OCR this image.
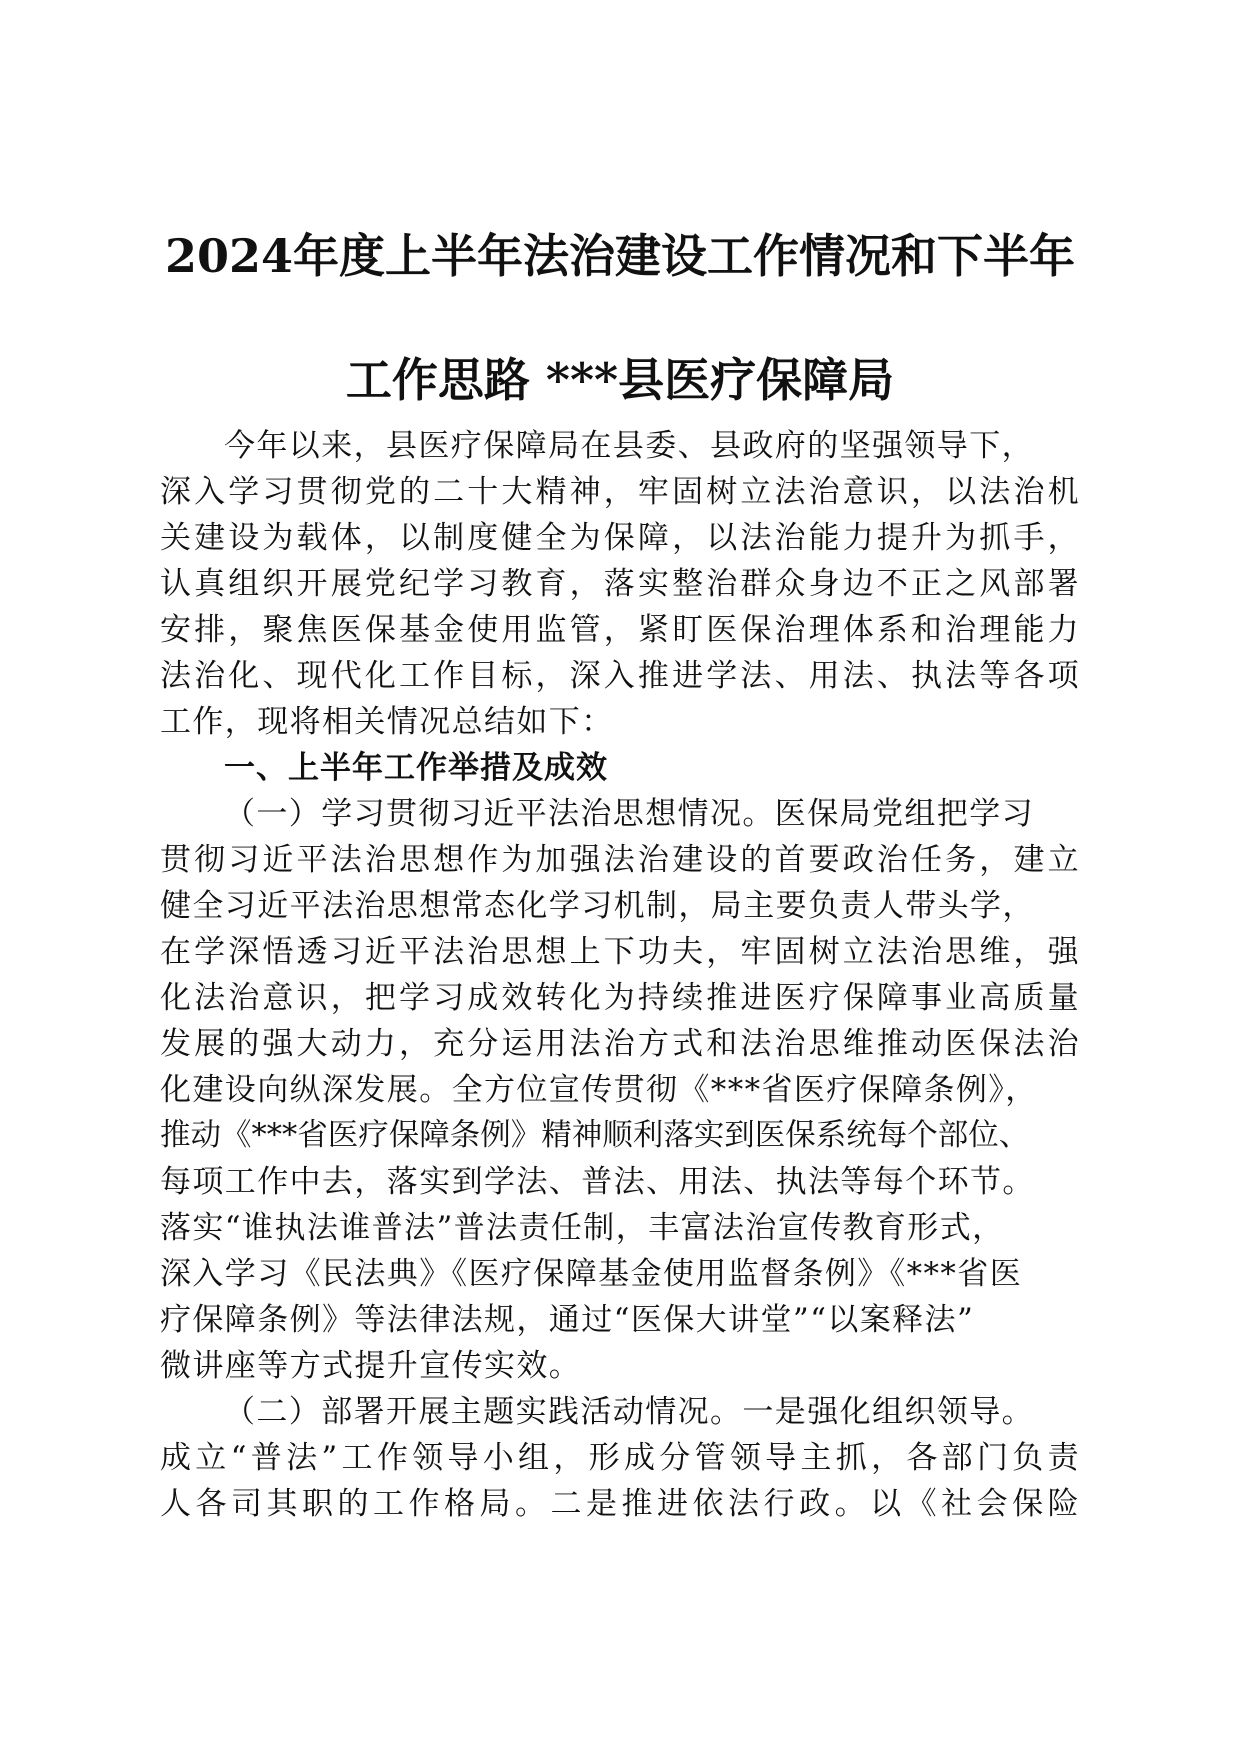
2024年度上半年法治建设工作情况和下半年
工作思路 ***县医疗保障局
今年以来，县医疗保障局在县委、县政府的坚强领导下，
深入学习贯彻党的二十大精神，牢固树立法治意识，以法治机
关建设为载体，以制度健全为保障，以法治能力提升为抓手，
认真组织开展党纪学习教育，落实整治群众身边不正之风部署
安排，聚焦医保基金使用监管，紧盯医保治理体系和治理能力
法治化、现代化工作目标，深入推进学法、用法、执法等各项
工作，现将相关情况总结如下：
一、上半年工作举措及成效
（一）学习贯彻习近平法治思想情况。医保局党组把学习
贯彻习近平法治思想作为加强法治建设的首要政治任务，建立
健全习近平法治思想常态化学习机制，局主要负责人带头学，
在学深悟透习近平法治思想上下功夫，牢固树立法治思维，强
化法治意识，把学习成效转化为持续推进医疗保障事业高质量
发展的强大动力，充分运用法治方式和法治思维推动医保法治
化建设向纵深发展。全方位宣传贯彻《***省医疗保障条例》，
推动《***省医疗保障条例》精神顺利落实到医保系统每个部位、
每项工作中去，落实到学法、普法、用法、执法等每个环节。
落实“谁执法谁普法”普法责任制，丰富法治宣传教育形式，
深入学习《民法典》《医疗保障基金使用监督条例》《***省医
疗保障条例》等法律法规，通过“医保大讲堂”“以案释法”
微讲座等方式提升宣传实效。
（二）部署开展主题实践活动情况。一是强化组织领导。
成立“普法”工作领导小组，形成分管领导主抓，各部门负责
人各司其职的工作格局。二是推进依法行政。以《社会保险
